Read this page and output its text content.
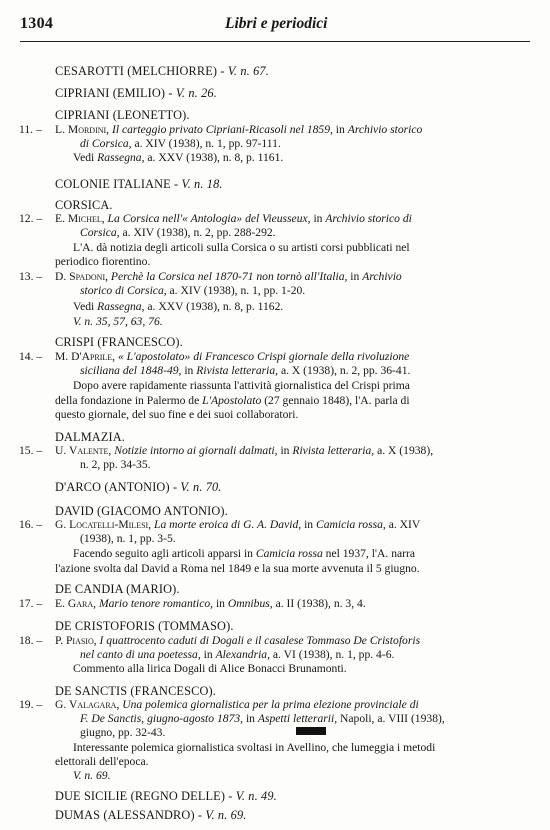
1304	Libri e periodici
CESAROTTI (MELCHIORRE) - V. n. 67.
CIPRIANI (EMILIO) - V. n. 26.
CIPRIANI (LEONETTO).
11. – L. Mordini, Il carteggio privato Cipriani-Ricasoli nel 1859, in Archivio storico
di Corsica, a. XIV (1938), n. 1, pp. 97-111.
Vedi Rassegna, a. XXV (1938), n. 8, p. 1161.
COLONIE ITALIANE - V. n. 18.
CORSICA.
12. – E. Michel, La Corsica nell'« Antologia» del Vieusseux, in Archivio storico di
Corsica, a. XIV (1938), n. 2, pp. 288-292.
L'A. dà notizia degli articoli sulla Corsica o su artisti corsi pubblicati nel
periodico fiorentino.
13. – D. Spadoni, Perchè la Corsica nel 1870-71 non tornò all'Italia, in Archivio
storico di Corsica, a. XIV (1938), n. 1, pp. 1-20.
Vedi Rassegna, a. XXV (1938), n. 8, p. 1162.
V. n. 35, 57, 63, 76.
CRISPI (FRANCESCO).
14. – M. D'Aprile, « L'apostolato» di Francesco Crispi giornale della rivoluzione
siciliana del 1848-49, in Rivista letteraria, a. X (1938), n. 2, pp. 36-41.
Dopo avere rapidamente riassunta l'attività giornalistica del Crispi prima
della fondazione in Palermo de L'Apostolato (27 gennaio 1848), l'A. parla di
questo giornale, del suo fine e dei suoi collaboratori.
DALMAZIA.
15. – U. Valente, Notizie intorno ai giornali dalmati, in Rivista letteraria, a. X (1938),
n. 2, pp. 34-35.
D'ARCO (ANTONIO) - V. n. 70.
DAVID (GIACOMO ANTONIO).
16. – G. Locatelli-Milesi, La morte eroica di G. A. David, in Camicia rossa, a. XIV
(1938), n. 1, pp. 3-5.
Facendo seguito agli articoli apparsi in Camicia rossa nel 1937, l'A. narra
l'azione svolta dal David a Roma nel 1849 e la sua morte avvenuta il 5 giugno.
DE CANDIA (MARIO).
17. – E. Gara, Mario tenore romantico, in Omnibus, a. II (1938), n. 3, 4.
DE CRISTOFORIS (TOMMASO).
18. – P. Piasio, I quattrocento caduti di Dogali e il casalese Tommaso De Cristoforis
nel canto di una poetessa, in Alexandria, a. VI (1938), n. 1, pp. 4-6.
Commento alla lirica Dogali di Alice Bonacci Brunamonti.
DE SANCTIS (FRANCESCO).
19. – G. Valagara, Una polemica giornalistica per la prima elezione provinciale di
F. De Sanctis, giugno-agosto 1873, in Aspetti letterarii, Napoli, a. VIII (1938),
giugno, pp. 32-43.
Interessante polemica giornalistica svoltasi in Avellino, che lumeggia i metodi
elettorali dell'epoca.
V. n. 69.
DUE SICILIE (REGNO DELLE) - V. n. 49.
DUMAS (ALESSANDRO) - V. n. 69.
